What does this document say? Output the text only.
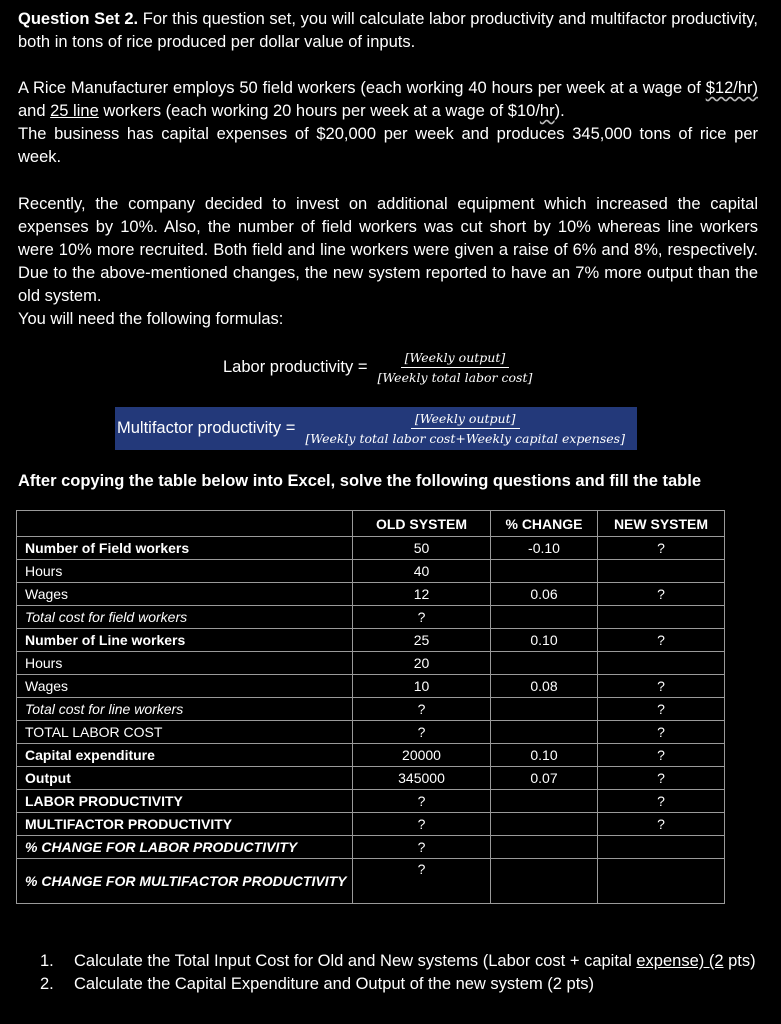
Question Set 2. For this question set, you will calculate labor productivity and multifactor productivity, both in tons of rice produced per dollar value of inputs.

A Rice Manufacturer employs 50 field workers (each working 40 hours per week at a wage of $12/hr) and 25 line workers (each working 20 hours per week at a wage of $10/hr).

The business has capital expenses of $20,000 per week and produces 345,000 tons of rice per week.

Recently, the company decided to invest on additional equipment which increased the capital expenses by 10%. Also, the number of field workers was cut short by 10% whereas line workers were 10% more recruited. Both field and line workers were given a raise of 6% and 8%, respectively. Due to the above-mentioned changes, the new system reported to have an 7% more output than the old system.

You will need the following formulas:

Labor productivity = $\frac{\text{[Weekly output]}}{\text{[Weekly total labor cost]}}$
Multifactor productivity = $\frac{\text{[Weekly output]}}{\text{[Weekly total labor cost+Weekly capital expenses]}}$
After copying the table below into Excel, solve the following questions and fill the table
	OLD SYSTEM	% CHANGE	NEW SYSTEM
Number of Field workers	50	-0.10	?
Hours	40		
Wages	12	0.06	?
Total cost for field workers	?		
Number of Line workers	25	0.10	?
Hours	20		
Wages	10	0.08	?
Total cost for line workers	?		?
TOTAL LABOR COST	?		?
Capital expenditure	20000	0.10	?
Output	345000	0.07	?
LABOR PRODUCTIVITY	?		?
MULTIFACTOR PRODUCTIVITY	?		?
% CHANGE FOR LABOR PRODUCTIVITY	?		
% CHANGE FOR MULTIFACTOR PRODUCTIVITY	?		
1. Calculate the Total Input Cost for Old and New systems (Labor cost + capital expense) (2 pts)
2. Calculate the Capital Expenditure and Output of the new system (2 pts)
